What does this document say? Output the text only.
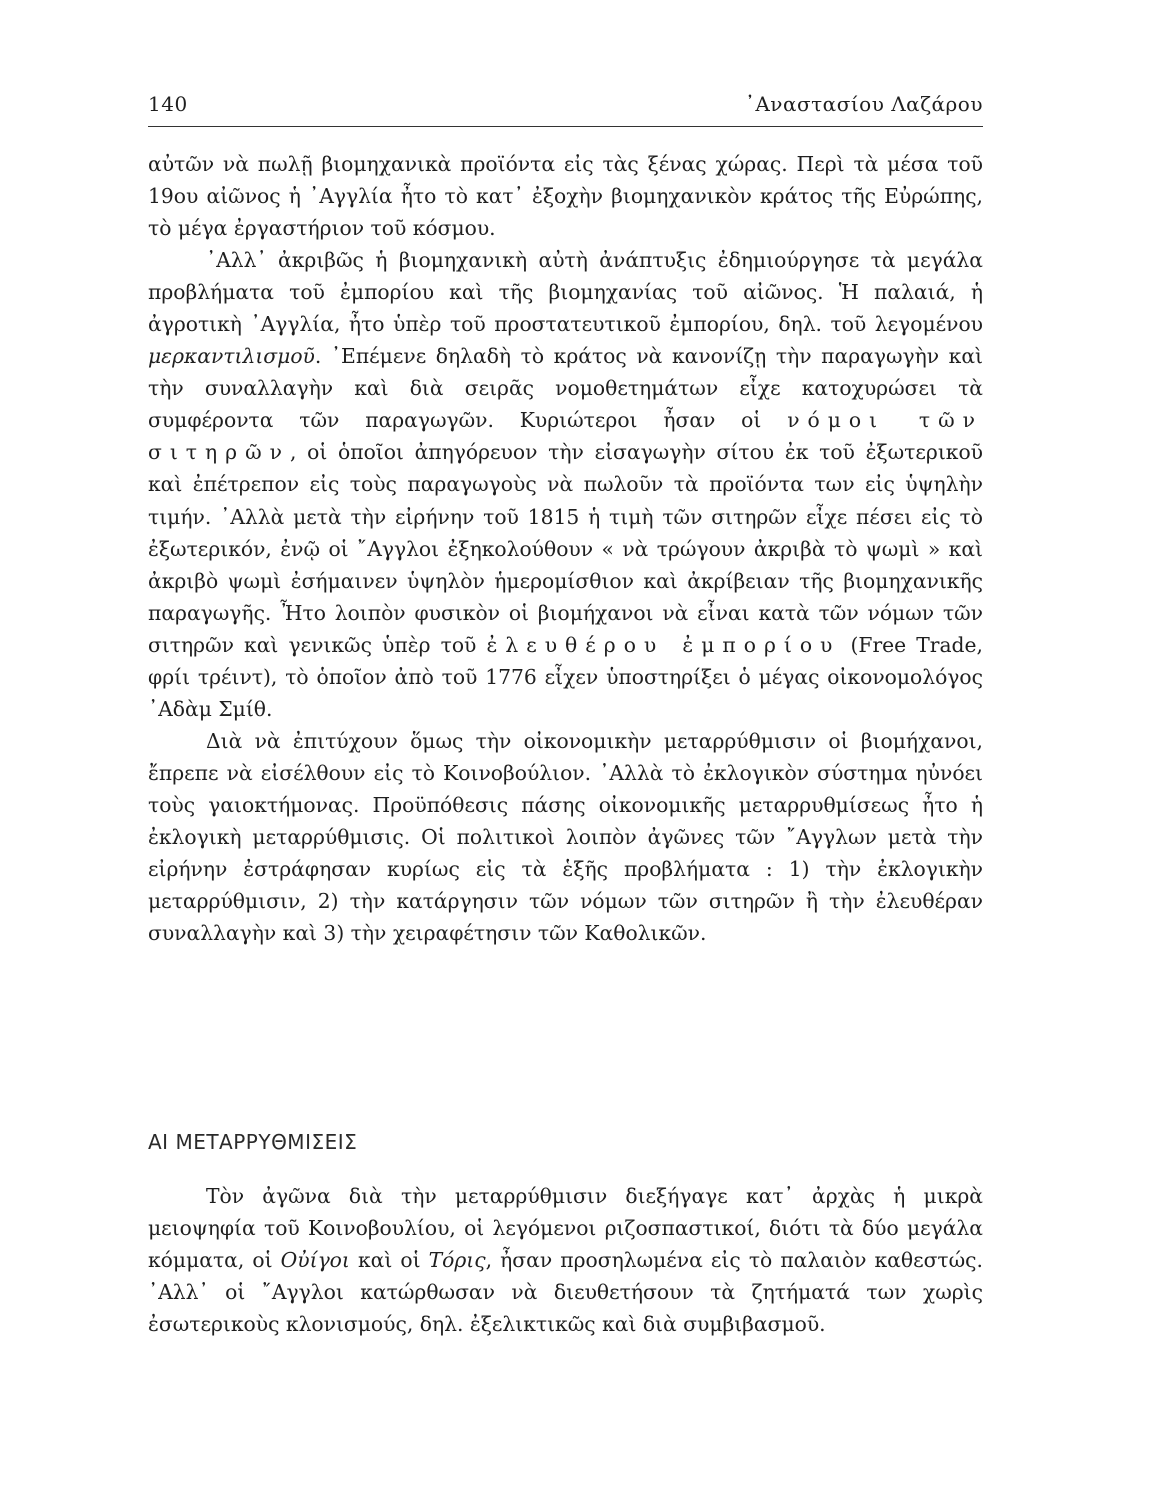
140	᾿Αναστασίου Λαζάρου

αὐτῶν νὰ πωλῇ βιομηχανικὰ προϊόντα εἰς τὰς ξένας χώρας. Περὶ τὰ μέσα τοῦ 19ου αἰῶνος ἡ ᾿Αγγλία ἦτο τὸ κατ᾿ ἐξοχὴν βιομηχανικὸν κράτος τῆς Εὐρώπης, τὸ μέγα ἐργαστήριον τοῦ κόσμου.

᾿Αλλ᾿ ἀκριβῶς ἡ βιομηχανικὴ αὐτὴ ἀνάπτυξις ἐδημιούργησε τὰ μεγάλα προβλήματα τοῦ ἐμπορίου καὶ τῆς βιομηχανίας τοῦ αἰῶνος. Ἡ παλαιά, ἡ ἀγροτικὴ ᾿Αγγλία, ἦτο ὑπὲρ τοῦ προστατευτικοῦ ἐμπορίου, δηλ. τοῦ λεγομένου μερκαντιλισμοῦ. ᾿Επέμενε δηλαδὴ τὸ κράτος νὰ κανονίζῃ τὴν παραγωγὴν καὶ τὴν συναλλαγὴν καὶ διὰ σειρᾶς νομοθετημάτων εἶχε κατοχυρώσει τὰ συμφέροντα τῶν παραγωγῶν. Κυριώτεροι ἦσαν οἱ νόμοι τῶν σιτηρῶν, οἱ ὁποῖοι ἀπηγόρευον τὴν εἰσαγωγὴν σίτου ἐκ τοῦ ἐξωτερικοῦ καὶ ἐπέτρεπον εἰς τοὺς παραγωγοὺς νὰ πωλοῦν τὰ προϊόντα των εἰς ὑψηλὴν τιμήν. ᾿Αλλὰ μετὰ τὴν εἰρήνην τοῦ 1815 ἡ τιμὴ τῶν σιτηρῶν εἶχε πέσει εἰς τὸ ἐξωτερικόν, ἐνῷ οἱ ῎Αγγλοι ἐξηκολούθουν « νὰ τρώγουν ἀκριβὰ τὸ ψωμὶ » καὶ ἀκριβὸ ψωμὶ ἐσήμαινεν ὑψηλὸν ἡμερομίσθιον καὶ ἀκρίβειαν τῆς βιομηχανικῆς παραγωγῆς. Ἦτο λοιπὸν φυσικὸν οἱ βιομήχανοι νὰ εἶναι κατὰ τῶν νόμων τῶν σιτηρῶν καὶ γενικῶς ὑπὲρ τοῦ ἐλευθέρου ἐμπορίου (Free Trade, φρίι τρέιντ), τὸ ὁποῖον ἀπὸ τοῦ 1776 εἶχεν ὑποστηρίξει ὁ μέγας οἰκονομολόγος ᾿Αδὰμ Σμίθ.

Διὰ νὰ ἐπιτύχουν ὅμως τὴν οἰκονομικὴν μεταρρύθμισιν οἱ βιομήχανοι, ἔπρεπε νὰ εἰσέλθουν εἰς τὸ Κοινοβούλιον. ᾿Αλλὰ τὸ ἐκλογικὸν σύστημα ηὐνόει τοὺς γαιοκτήμονας. Προϋπόθεσις πάσης οἰκονομικῆς μεταρρυθμίσεως ἦτο ἡ ἐκλογικὴ μεταρρύθμισις. Οἱ πολιτικοὶ λοιπὸν ἀγῶνες τῶν ῎Αγγλων μετὰ τὴν εἰρήνην ἐστράφησαν κυρίως εἰς τὰ ἑξῆς προβλήματα : 1) τὴν ἐκλογικὴν μεταρρύθμισιν, 2) τὴν κατάργησιν τῶν νόμων τῶν σιτηρῶν ἢ τὴν ἐλευθέραν συναλλαγὴν καὶ 3) τὴν χειραφέτησιν τῶν Καθολικῶν.

ΑΙ ΜΕΤΑΡΡΥΘΜΙΣΕΙΣ

Τὸν ἀγῶνα διὰ τὴν μεταρρύθμισιν διεξήγαγε κατ᾿ ἀρχὰς ἡ μικρὰ μειοψηφία τοῦ Κοινοβουλίου, οἱ λεγόμενοι ριζοσπαστικοί, διότι τὰ δύο μεγάλα κόμματα, οἱ Οὐίγοι καὶ οἱ Τόρις, ἦσαν προσηλωμένα εἰς τὸ παλαιὸν καθεστώς. ᾿Αλλ᾿ οἱ ῎Αγγλοι κατώρθωσαν νὰ διευθετήσουν τὰ ζητήματά των χωρὶς ἐσωτερικοὺς κλονισμούς, δηλ. ἐξελικτικῶς καὶ διὰ συμβιβασμοῦ.
